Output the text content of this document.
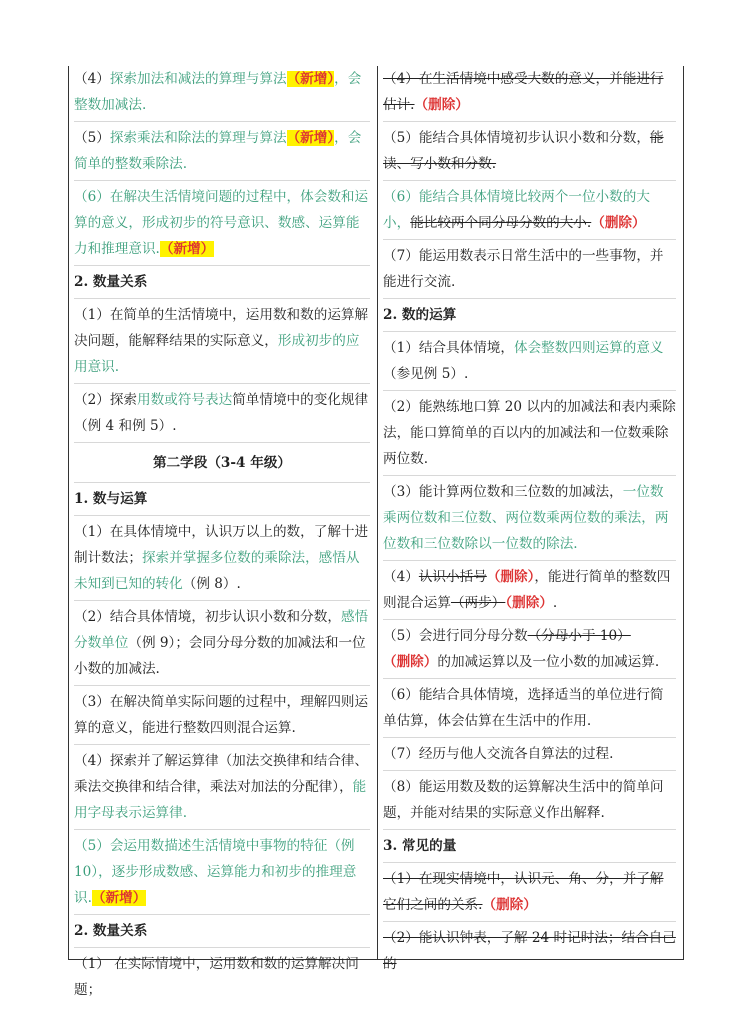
（4）探索加法和减法的算理与算法（新增），会整数加减法.
（5）探索乘法和除法的算理与算法（新增），会简单的整数乘除法.
（6）在解决生活情境问题的过程中，体会数和运算的意义，形成初步的符号意识、数感、运算能力和推理意识.（新增）
2. 数量关系
（1）在简单的生活情境中，运用数和数的运算解决问题，能解释结果的实际意义，形成初步的应用意识.
（2）探索用数或符号表达简单情境中的变化规律（例 4 和例 5）.
第二学段（3-4 年级）
1. 数与运算
（1）在具体情境中，认识万以上的数，了解十进制计数法；探索并掌握多位数的乘除法，感悟从未知到已知的转化（例 8）.
（2）结合具体情境，初步认识小数和分数，感悟分数单位（例 9）；会同分母分数的加减法和一位小数的加减法.
（3）在解决简单实际问题的过程中，理解四则运算的意义，能进行整数四则混合运算.
（4）探索并了解运算律（加法交换律和结合律、乘法交换律和结合律，乘法对加法的分配律），能用字母表示运算律.
（5）会运用数描述生活情境中事物的特征（例 10），逐步形成数感、运算能力和初步的推理意识.（新增）
2. 数量关系
（1） 在实际情境中，运用数和数的运算解决问题；
（4）在生活情境中感受大数的意义，并能进行估计.（删除）
（5）能结合具体情境初步认识小数和分数，能读、写小数和分数.
（6）能结合具体情境比较两个一位小数的大小，能比较两个同分母分数的大小.（删除）
（7）能运用数表示日常生活中的一些事物，并能进行交流.
2. 数的运算
（1）结合具体情境，体会整数四则运算的意义（参见例 5）.
（2）能熟练地口算 20 以内的加减法和表内乘除法，能口算简单的百以内的加减法和一位数乘除两位数.
（3）能计算两位数和三位数的加减法，一位数乘两位数和三位数、两位数乘两位数的乘法，两位数和三位数除以一位数的除法.
（4）认识小括号（删除），能进行简单的整数四则混合运算（两步）（删除）.
（5）会进行同分母分数（分母小于 10）（删除）的加减运算以及一位小数的加减运算.
（6）能结合具体情境，选择适当的单位进行简单估算，体会估算在生活中的作用.
（7）经历与他人交流各自算法的过程.
（8）能运用数及数的运算解决生活中的简单问题，并能对结果的实际意义作出解释.
3. 常见的量
（1）在现实情境中，认识元、角、分，并了解它们之间的关系.（删除）
（2）能认识钟表，了解 24 时记时法；结合自己的
